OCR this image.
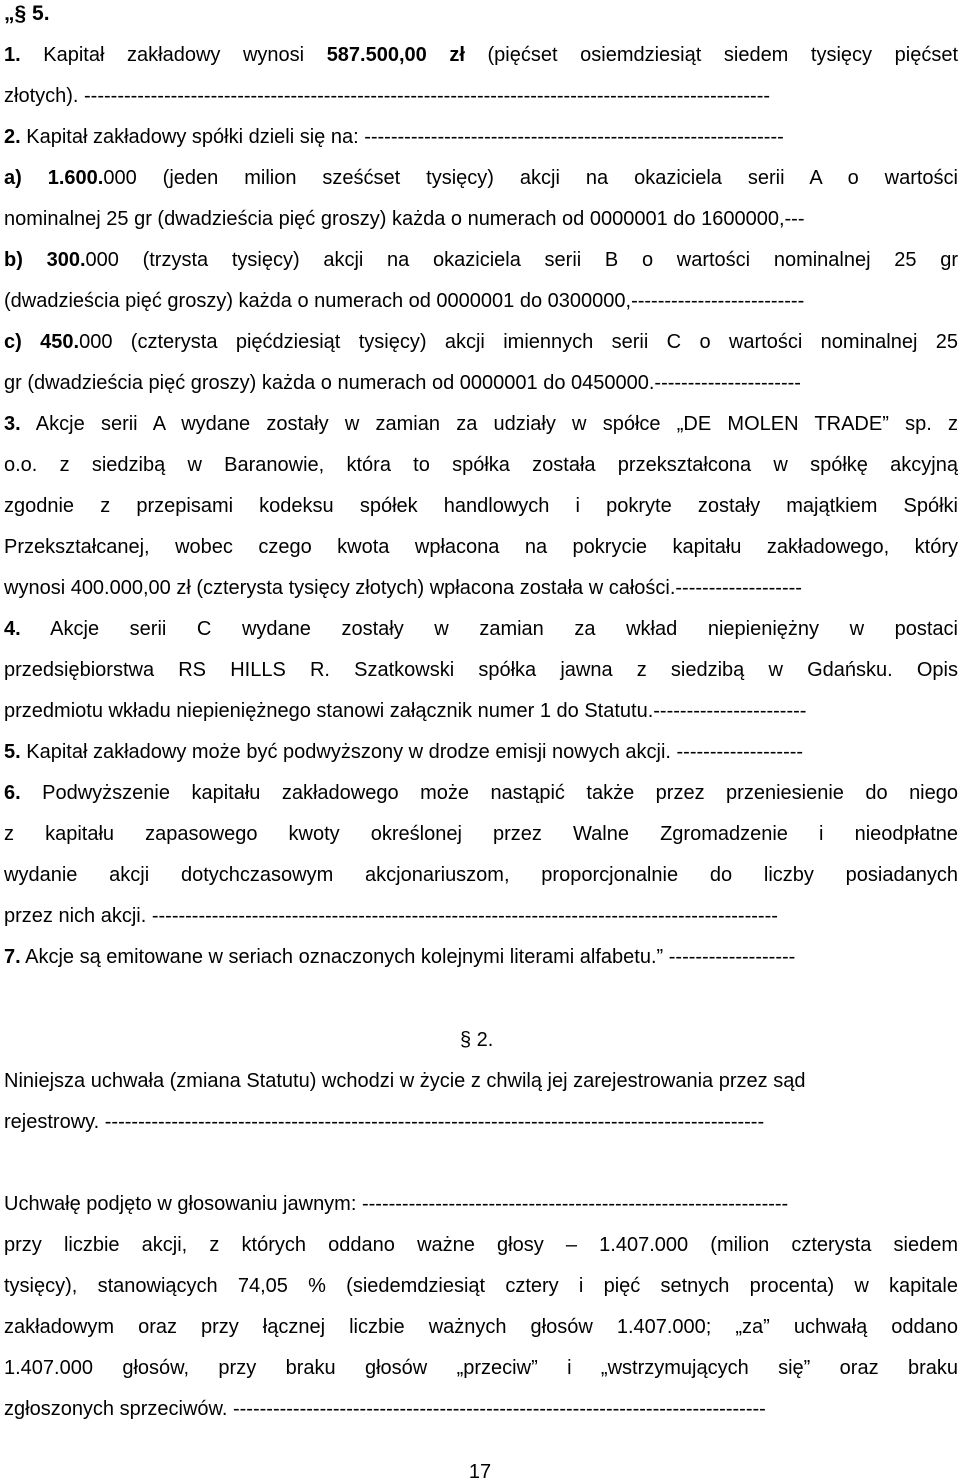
„§ 5.
1. Kapitał zakładowy wynosi 587.500,00 zł (pięćset osiemdziesiąt siedem tysięcy pięćset
złotych). -------------------------------------------------------------------------------------------------------
2. Kapitał zakładowy spółki dzieli się na: ---------------------------------------------------------------
a) 1.600.000 (jeden milion sześćset tysięcy) akcji na okaziciela serii A o wartości
nominalnej 25 gr (dwadzieścia pięć groszy) każda o numerach od 0000001 do 1600000,---
b) 300.000 (trzysta tysięcy) akcji na okaziciela serii B o wartości nominalnej 25 gr
(dwadzieścia pięć groszy) każda o numerach od 0000001 do 0300000,--------------------------
c) 450.000 (czterysta pięćdziesiąt tysięcy) akcji imiennych serii C o wartości nominalnej 25
gr (dwadzieścia pięć groszy) każda o numerach od 0000001 do 0450000.----------------------
3. Akcje serii A wydane zostały w zamian za udziały w spółce „DE MOLEN TRADE” sp. z
o.o. z siedzibą w Baranowie, która to spółka została przekształcona w spółkę akcyjną
zgodnie z przepisami kodeksu spółek handlowych i pokryte zostały majątkiem Spółki
Przekształcanej, wobec czego kwota wpłacona na pokrycie kapitału zakładowego, który
wynosi 400.000,00 zł (czterysta tysięcy złotych) wpłacona została w całości.-------------------
4. Akcje serii C wydane zostały w zamian za wkład niepieniężny w postaci
przedsiębiorstwa RS HILLS R. Szatkowski spółka jawna z siedzibą w Gdańsku. Opis
przedmiotu wkładu niepieniężnego stanowi załącznik numer 1 do Statutu.-----------------------
5. Kapitał zakładowy może być podwyższony w drodze emisji nowych akcji. -------------------
6. Podwyższenie kapitału zakładowego może nastąpić także przez przeniesienie do niego
z kapitału zapasowego kwoty określonej przez Walne Zgromadzenie i nieodpłatne
wydanie akcji dotychczasowym akcjonariuszom, proporcjonalnie do liczby posiadanych
przez nich akcji. ----------------------------------------------------------------------------------------------
7. Akcje są emitowane w seriach oznaczonych kolejnymi literami alfabetu.” -------------------
§ 2.
Niniejsza uchwała (zmiana Statutu) wchodzi w życie z chwilą jej zarejestrowania przez sąd
rejestrowy. ---------------------------------------------------------------------------------------------------
Uchwałę podjęto w głosowaniu jawnym: ----------------------------------------------------------------
przy liczbie akcji, z których oddano ważne głosy – 1.407.000 (milion czterysta siedem
tysięcy), stanowiących 74,05 % (siedemdziesiąt cztery i pięć setnych procenta) w kapitale
zakładowym oraz przy łącznej liczbie ważnych głosów 1.407.000; „za” uchwałą oddano
1.407.000 głosów, przy braku głosów „przeciw” i „wstrzymujących się” oraz braku
zgłoszonych sprzeciwów. --------------------------------------------------------------------------------
17
